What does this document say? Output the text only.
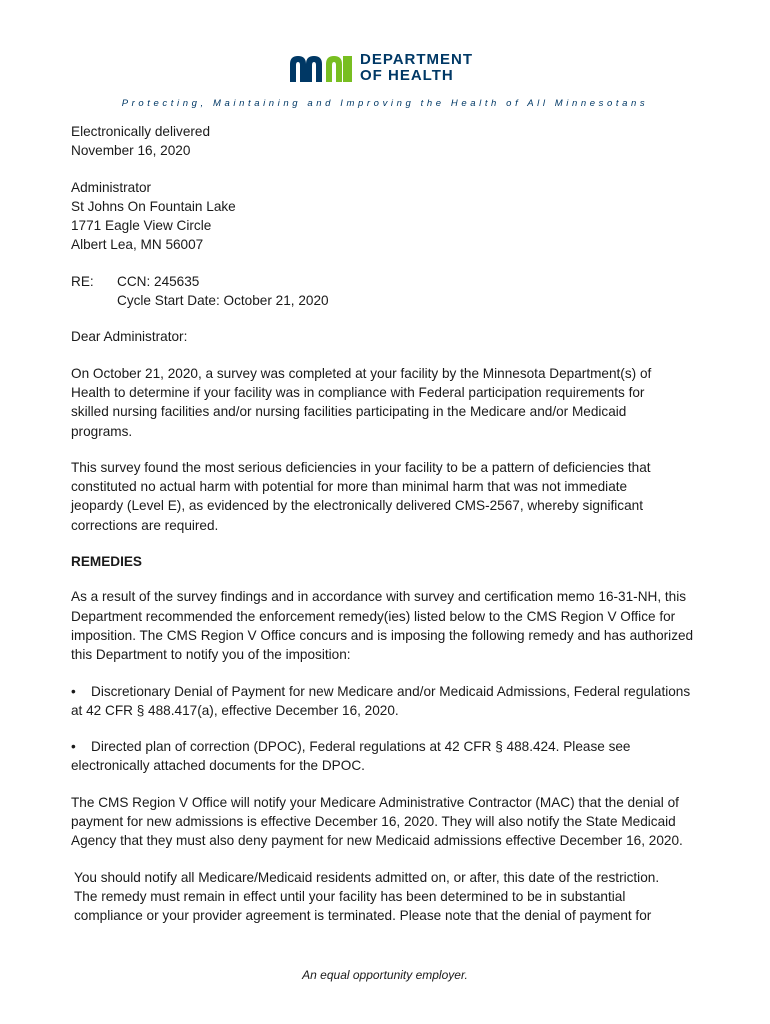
DEPARTMENT
OF HEALTH
Protecting, Maintaining and Improving the Health of All Minnesotans
Electronically delivered
November 16, 2020
Administrator
St Johns On Fountain Lake
1771 Eagle View Circle
Albert Lea, MN 56007
RE:	CCN: 245635
Cycle Start Date: October 21, 2020
Dear Administrator:
On October 21, 2020, a survey was completed at your facility by the Minnesota Department(s) of
Health to determine if your facility was in compliance with Federal participation requirements for
skilled nursing facilities and/or nursing facilities participating in the Medicare and/or Medicaid
programs.
This survey found the most serious deficiencies in your facility to be a pattern of deficiencies that
constituted no actual harm with potential for more than minimal harm that was not immediate
jeopardy (Level E), as evidenced by the electronically delivered CMS-2567, whereby significant
corrections are required.
REMEDIES
As a result of the survey findings and in accordance with survey and certification memo 16-31-NH, this
Department recommended the enforcement remedy(ies) listed below to the CMS Region V Office for
imposition. The CMS Region V Office concurs and is imposing the following remedy and has authorized
this Department to notify you of the imposition:
• Discretionary Denial of Payment for new Medicare and/or Medicaid Admissions, Federal regulations
at 42 CFR § 488.417(a), effective December 16, 2020.
• Directed plan of correction (DPOC), Federal regulations at 42 CFR § 488.424. Please see
electronically attached documents for the DPOC.
The CMS Region V Office will notify your Medicare Administrative Contractor (MAC) that the denial of
payment for new admissions is effective December 16, 2020. They will also notify the State Medicaid
Agency that they must also deny payment for new Medicaid admissions effective December 16, 2020.
You should notify all Medicare/Medicaid residents admitted on, or after, this date of the restriction.
The remedy must remain in effect until your facility has been determined to be in substantial
compliance or your provider agreement is terminated. Please note that the denial of payment for
An equal opportunity employer.
